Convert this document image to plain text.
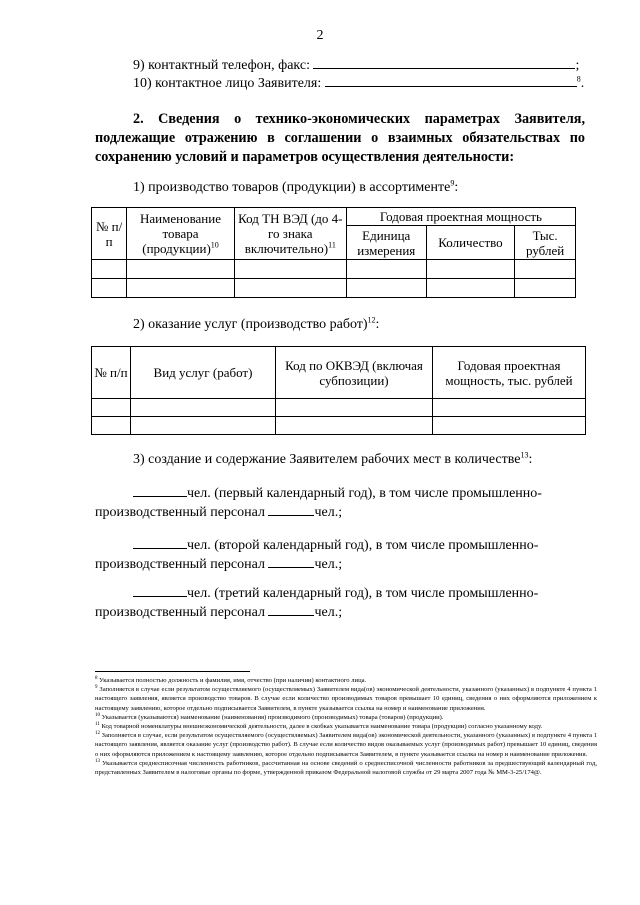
2
9) контактный телефон, факс:	;
10) контактное лицо Заявителя:	$^8$.
2. Сведения о технико-экономических параметрах Заявителя, подлежащие отражению в соглашении о взаимных обязательствах по сохранению условий и параметров осуществления деятельности:
1) производство товаров (продукции) в ассортименте$^9$:
№ п/п	Наименование товара (продукции)$^{10}$	Код ТН ВЭД (до 4-го знака включительно)$^{11}$	Годовая проектная мощность		
			Единица измерения	Количество	Тыс. рублей

2) оказание услуг (производство работ)$^{12}$:
№ п/п	Вид услуг (работ)	Код по ОКВЭД (включая субпозиции)	Годовая проектная мощность, тыс. рублей

3) создание и содержание Заявителем рабочих мест в количестве$^{13}$:
чел. (первый календарный год), в том числе промышленно-
производственный персонал	чел.;
чел. (второй календарный год), в том числе промышленно-
производственный персонал	чел.;
чел. (третий календарный год), в том числе промышленно-
производственный персонал	чел.;

$^8$ Указывается полностью должность и фамилия, имя, отчество (при наличии) контактного лица.

$^9$ Заполняется в случае если результатом осуществляемого (осуществляемых) Заявителем вида(ов) экономической деятельности, указанного (указанных) в подпункте 4 пункта 1 настоящего заявления, является производство товаров. В случае если количество производимых товаров превышает 10 единиц, сведения о них оформляются приложением к настоящему заявлению, которое отдельно подписывается Заявителем, в пункте указывается ссылка на номер и наименование приложения.

$^{10}$ Указывается (указываются) наименование (наименования) производимого (производимых) товара (товаров) (продукции).

$^{11}$ Код товарной номенклатуры внешнеэкономической деятельности, далее в скобках указывается наименование товара (продукции) согласно указанному коду.

$^{12}$ Заполняется в случае, если результатом осуществляемого (осуществляемых) Заявителем вида(ов) экономической деятельности, указанного (указанных) в подпункте 4 пункта 1 настоящего заявления, является оказание услуг (производство работ). В случае если количество видов оказываемых услуг (производимых работ) превышает 10 единиц, сведения о них оформляются приложением к настоящему заявлению, которое отдельно подписывается Заявителем, в пункте указывается ссылка на номер и наименование приложения.

$^{13}$ Указывается среднесписочная численность работников, рассчитанная на основе сведений о среднесписочной численности работников за предшествующий календарный год, представленных Заявителем в налоговые органы по форме, утвержденной приказом Федеральной налоговой службы от 29 марта 2007 года № ММ-3-25/174@.
